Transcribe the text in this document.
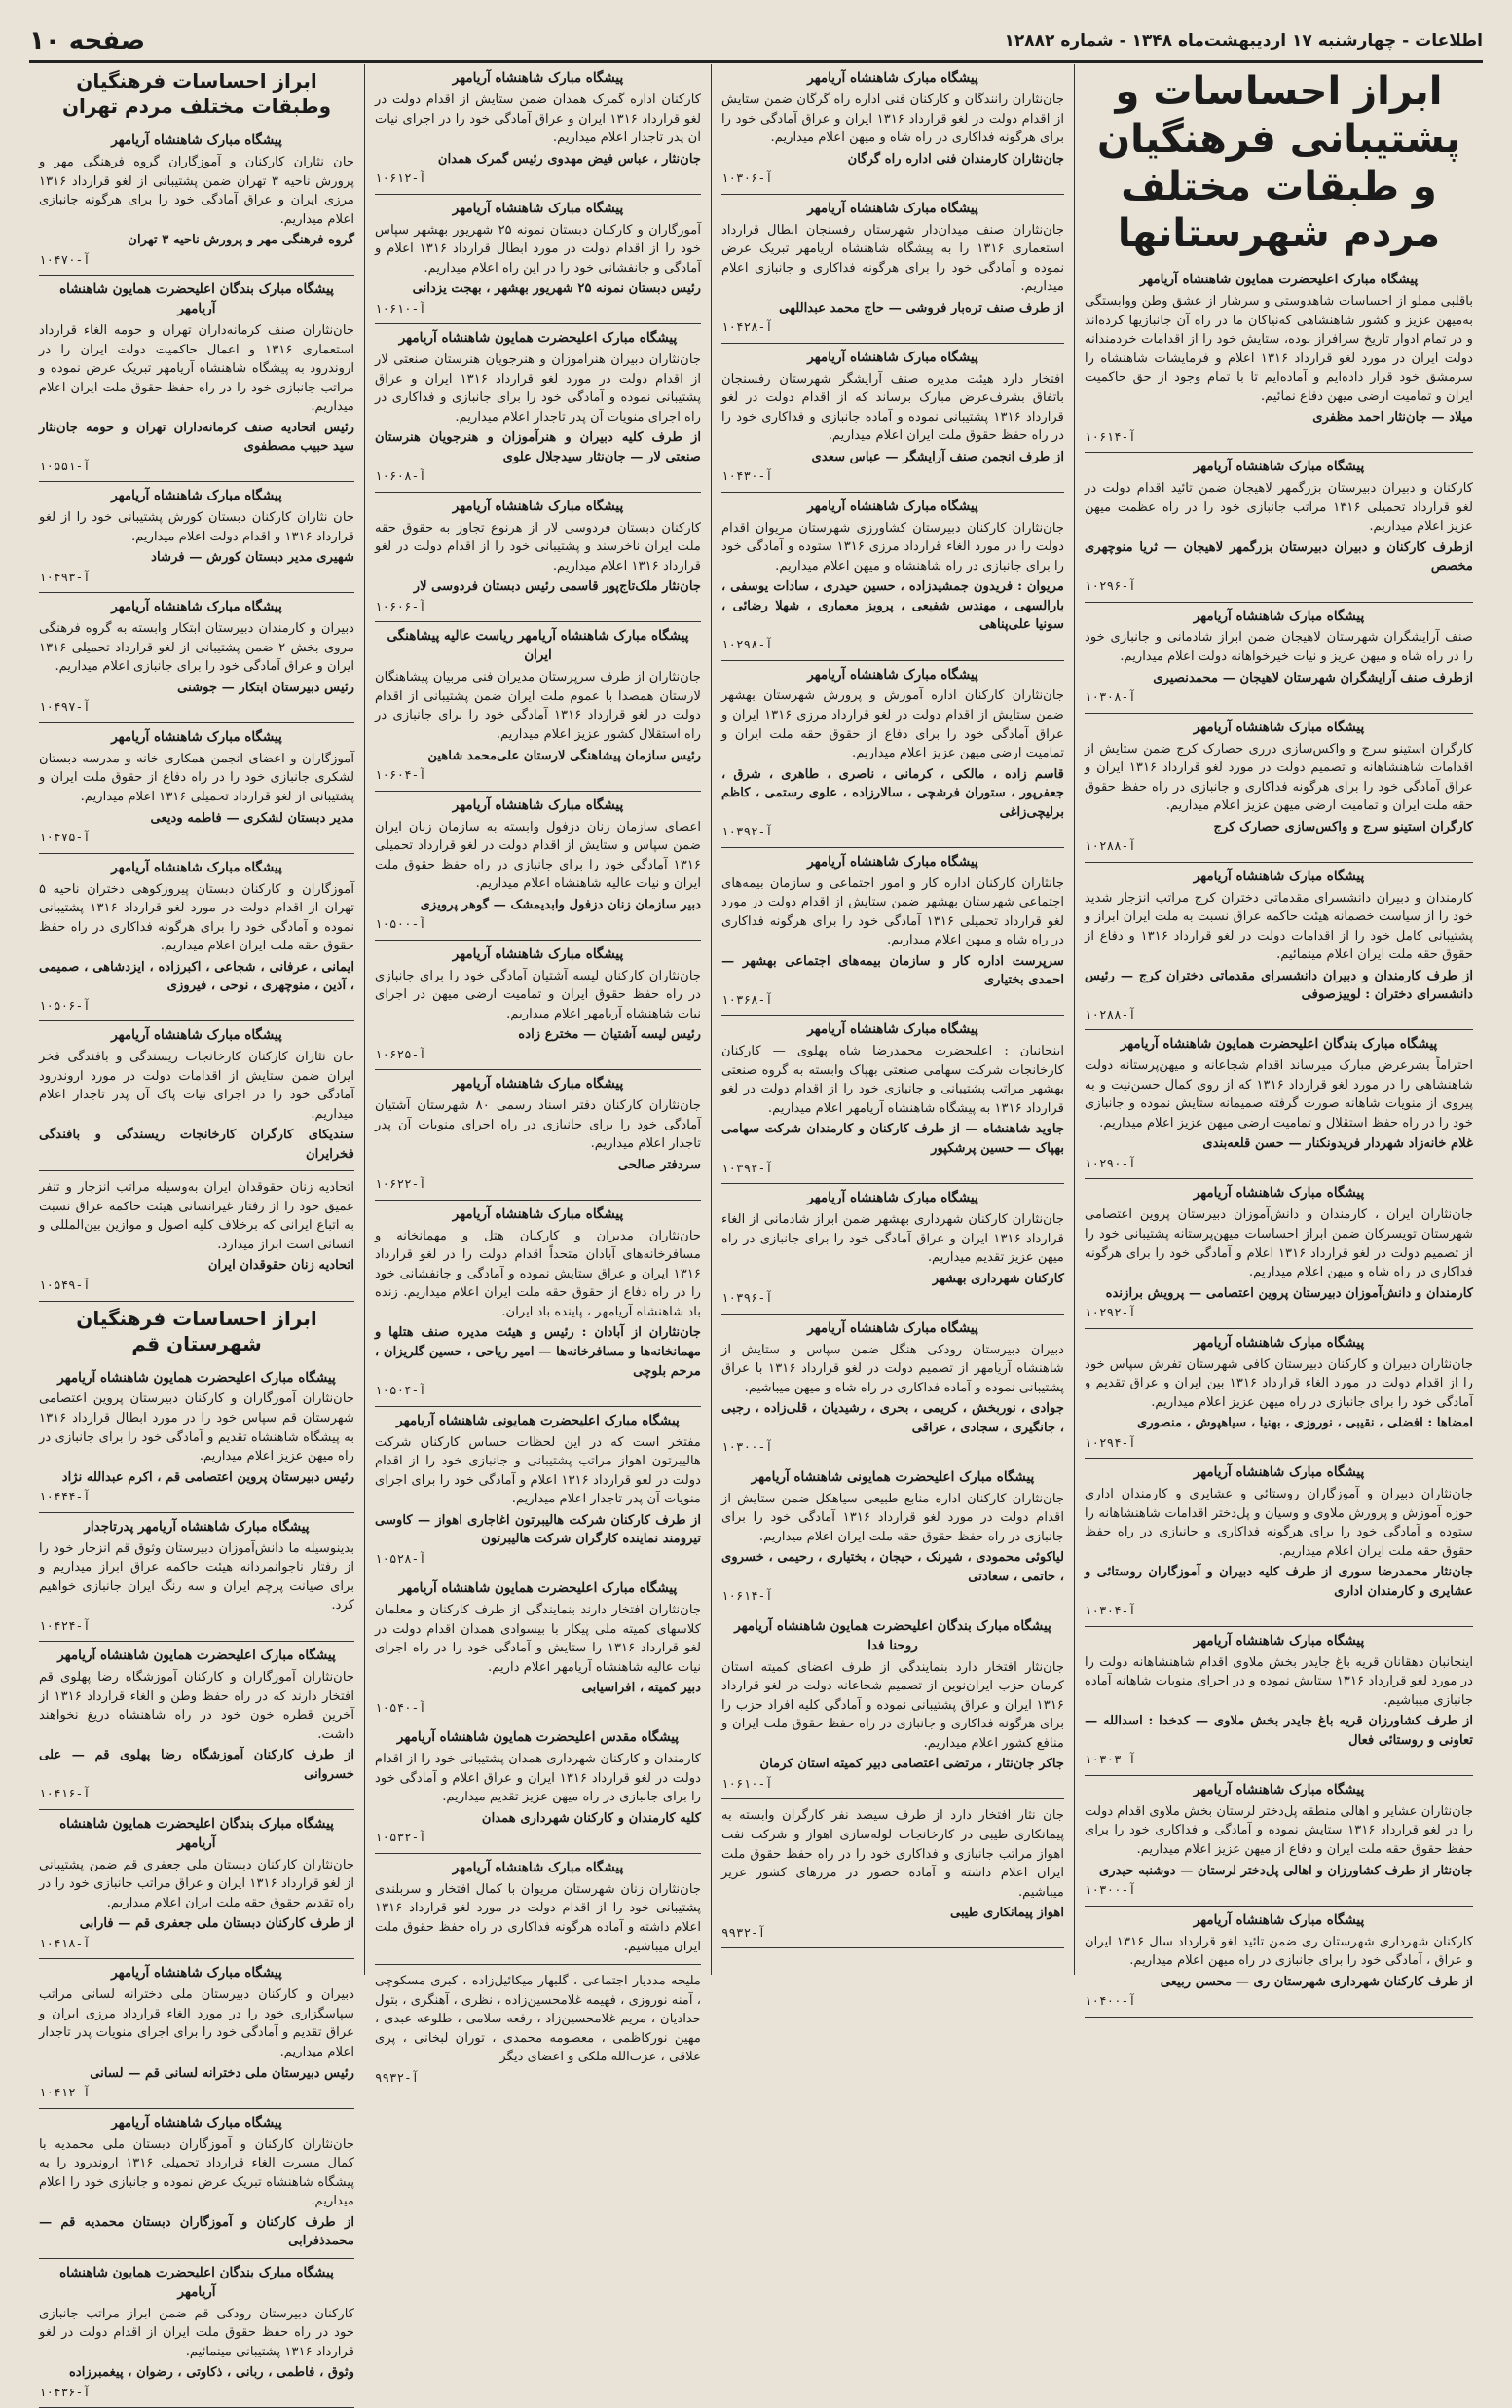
اطلاعات - چهارشنبه ۱۷ اردیبهشت‌ماه ۱۳۴۸ - شماره ۱۲۸۸۲
صفحه ۱۰
ابراز احساسات و پشتیبانی فرهنگیان و طبقات مختلف مردم شهرستانها
پیشگاه مبارک اعلیحضرت همایون شاهنشاه آریامهر
باقلبی مملو از احساسات شاهدوستی و سرشار از عشق وطن ووابستگی به‌میهن عزیز و کشور شاهنشاهی که‌نیاکان ما در راه آن جانبازیها کرده‌اند و در تمام ادوار تاریخ سرافراز بوده، ستایش خود را از اقدامات خردمندانه دولت ایران در مورد لغو قرارداد ۱۳۱۶ اعلام و فرمایشات شاهنشاه را سرمشق خود قرار داده‌ایم و آماده‌ایم تا با تمام وجود از حق حاکمیت ایران و تمامیت ارضی میهن دفاع نمائیم.
میلاد — جان‌نثار احمد مظفری
آ-۱۰۶۱۴
پیشگاه مبارک شاهنشاه آریامهر
کارکنان و دبیران دبیرستان بزرگمهر لاهیجان ضمن تائید اقدام دولت در لغو قرارداد تحمیلی ۱۳۱۶ مراتب جانبازی خود را در راه عظمت میهن عزیز اعلام میداریم.
ازطرف کارکنان و دبیران دبیرستان بزرگمهر لاهیجان — ثریا منوچهری مخصص
آ-۱۰۲۹۶
پیشگاه مبارک شاهنشاه آریامهر
صنف آرایشگران شهرستان لاهیجان ضمن ابراز شادمانی و جانبازی خود را در راه شاه و میهن عزیز و نیات خیرخواهانه دولت اعلام میداریم.
ازطرف صنف آرایشگران شهرستان لاهیجان — محمدنصیری
آ-۱۰۳۰۸
پیشگاه مبارک شاهنشاه آریامهر
کارگران استینو سرج و واکس‌سازی درری حصارک کرج ضمن ستایش از اقدامات شاهنشاهانه و تصمیم دولت در مورد لغو قرارداد ۱۳۱۶ ایران و عراق آمادگی خود را برای هرگونه فداکاری و جانبازی در راه حفظ حقوق حقه ملت ایران و تمامیت ارضی میهن عزیز اعلام میداریم.
کارگران استینو سرج و واکس‌سازی حصارک کرج
آ-۱۰۲۸۸
پیشگاه مبارک شاهنشاه آریامهر
کارمندان و دبیران دانشسرای مقدماتی دختران کرج مراتب انزجار شدید خود را از سیاست خصمانه هیئت حاکمه عراق نسبت به ملت ایران ابراز و پشتیبانی کامل خود را از اقدامات دولت در لغو قرارداد ۱۳۱۶ و دفاع از حقوق حقه ملت ایران اعلام مینمائیم.
از طرف کارمندان و دبیران دانشسرای مقدماتی دختران کرج — رئیس دانشسرای دختران : لوییزصوفی
آ-۱۰۲۸۸
پیشگاه مبارک بندگان اعلیحضرت همایون شاهنشاه آریامهر
احتراماً بشرعرض مبارک میرساند اقدام شجاعانه و میهن‌پرستانه دولت شاهنشاهی را در مورد لغو قرارداد ۱۳۱۶ که از روی کمال حسن‌نیت و به پیروی از منویات شاهانه صورت گرفته صمیمانه ستایش نموده و جانبازی خود را در راه حفظ استقلال و تمامیت ارضی میهن عزیز اعلام میداریم.
غلام خانه‌زاد شهردار فریدونکنار — حسن قلعه‌بندی
آ-۱۰۲۹۰
پیشگاه مبارک شاهنشاه آریامهر
جان‌نثاران ایران ، کارمندان و دانش‌آموزان دبیرستان پروین اعتصامی شهرستان تویسرکان ضمن ابراز احساسات میهن‌پرستانه پشتیبانی خود را از تصمیم دولت در لغو قرارداد ۱۳۱۶ اعلام و آمادگی خود را برای هرگونه فداکاری در راه شاه و میهن اعلام میداریم.
کارمندان و دانش‌آموزان دبیرستان پروین اعتصامی — پرویش برازنده
آ-۱۰۲۹۲
پیشگاه مبارک شاهنشاه آریامهر
جان‌نثاران دبیران و کارکنان دبیرستان کافی شهرستان تفرش سپاس خود را از اقدام دولت در مورد الغاء قرارداد ۱۳۱۶ بین ایران و عراق تقدیم و آمادگی خود را برای جانبازی در راه میهن عزیز اعلام میداریم.
امضاها : افضلی ، نقیبی ، نوروزی ، بهنیا ، سیاهپوش ، منصوری
آ-۱۰۲۹۴
پیشگاه مبارک شاهنشاه آریامهر
جان‌نثاران دبیران و آموزگاران روستائی و عشایری و کارمندان اداری حوزه آموزش و پرورش ملاوی و وسیان و پل‌دختر اقدامات شاهنشاهانه را ستوده و آمادگی خود را برای هرگونه فداکاری و جانبازی در راه حفظ حقوق حقه ملت ایران اعلام میداریم.
جان‌نثار محمدرضا سوری از طرف کلیه دبیران و آموزگاران روستائی و عشایری و کارمندان اداری
آ-۱۰۳۰۴
پیشگاه مبارک شاهنشاه آریامهر
اینجانبان دهقانان قریه باغ جایدر بخش ملاوی اقدام شاهنشاهانه دولت را در مورد لغو قرارداد ۱۳۱۶ ستایش نموده و در اجرای منویات شاهانه آماده جانبازی میباشیم.
از طرف کشاورزان قریه باغ جایدر بخش ملاوی — کدخدا : اسدالله — تعاونی و روستائی فعال
آ-۱۰۳۰۳
پیشگاه مبارک شاهنشاه آریامهر
جان‌نثاران عشایر و اهالی منطقه پل‌دختر لرستان بخش ملاوی اقدام دولت را در لغو قرارداد ۱۳۱۶ ستایش نموده و آمادگی و فداکاری خود را برای حفظ حقوق حقه ملت ایران و دفاع از میهن عزیز اعلام میداریم.
جان‌نثار از طرف کشاورزان و اهالی پل‌دختر لرستان — دوشنبه حیدری
آ-۱۰۳۰۰
پیشگاه مبارک شاهنشاه آریامهر
کارکنان شهرداری شهرستان ری ضمن تائید لغو قرارداد سال ۱۳۱۶ ایران و عراق ، آمادگی خود را برای جانبازی در راه میهن اعلام میداریم.
از طرف کارکنان شهرداری شهرستان ری — محسن ربیعی
آ-۱۰۴۰۰
پیشگاه مبارک شاهنشاه آریامهر
جان‌نثاران رانندگان و کارکنان فنی اداره راه گرگان ضمن ستایش از اقدام دولت در لغو قرارداد ۱۳۱۶ ایران و عراق آمادگی خود را برای هرگونه فداکاری در راه شاه و میهن اعلام میداریم.
جان‌نثاران کارمندان فنی اداره راه گرگان
آ-۱۰۳۰۶
پیشگاه مبارک شاهنشاه آریامهر
جان‌نثاران صنف میدان‌دار شهرستان رفسنجان ابطال قرارداد استعماری ۱۳۱۶ را به پیشگاه شاهنشاه آریامهر تبریک عرض نموده و آمادگی خود را برای هرگونه فداکاری و جانبازی اعلام میداریم.
از طرف صنف تره‌بار فروشی — حاج محمد عبداللهی
آ-۱۰۴۲۸
پیشگاه مبارک شاهنشاه آریامهر
افتخار دارد هیئت مدیره صنف آرایشگر شهرستان رفسنجان باتفاق بشرف‌عرض مبارک برساند که از اقدام دولت در لغو قرارداد ۱۳۱۶ پشتیبانی نموده و آماده جانبازی و فداکاری خود را در راه حفظ حقوق ملت ایران اعلام میداریم.
از طرف انجمن صنف آرایشگر — عباس سعدی
آ-۱۰۴۳۰
پیشگاه مبارک شاهنشاه آریامهر
جان‌نثاران کارکنان دبیرستان کشاورزی شهرستان مریوان اقدام دولت را در مورد الغاء قرارداد مرزی ۱۳۱۶ ستوده و آمادگی خود را برای جانبازی در راه شاهنشاه و میهن اعلام میداریم.
مریوان : فریدون جمشیدزاده ، حسین حیدری ، سادات یوسفی ، بارالسهی ، مهندس شفیعی ، پرویز معماری ، شهلا رضائی ، سونیا علی‌پناهی
آ-۱۰۲۹۸
پیشگاه مبارک شاهنشاه آریامهر
جان‌نثاران کارکنان اداره آموزش و پرورش شهرستان بهشهر ضمن ستایش از اقدام دولت در لغو قرارداد مرزی ۱۳۱۶ ایران و عراق آمادگی خود را برای دفاع از حقوق حقه ملت ایران و تمامیت ارضی میهن عزیز اعلام میداریم.
قاسم زاده ، مالکی ، کرمانی ، ناصری ، طاهری ، شرق ، جعفرپور ، ستوران فرشچی ، سالارزاده ، علوی رستمی ، کاظم برلیچی‌زاغی
آ-۱۰۳۹۲
پیشگاه مبارک شاهنشاه آریامهر
جانثاران کارکنان اداره کار و امور اجتماعی و سازمان بیمه‌های اجتماعی شهرستان بهشهر ضمن ستایش از اقدام دولت در مورد لغو قرارداد تحمیلی ۱۳۱۶ آمادگی خود را برای هرگونه فداکاری در راه شاه و میهن اعلام میداریم.
سرپرست اداره کار و سازمان بیمه‌های اجتماعی بهشهر — احمدی بختیاری
آ-۱۰۳۶۸
پیشگاه مبارک شاهنشاه آریامهر
اینجانبان : اعلیحضرت محمدرضا شاه پهلوی — کارکنان کارخانجات شرکت سهامی صنعتی بهپاک وابسته به گروه صنعتی بهشهر مراتب پشتیبانی و جانبازی خود را از اقدام دولت در لغو قرارداد ۱۳۱۶ به پیشگاه شاهنشاه آریامهر اعلام میداریم.
جاوید شاهنشاه — از طرف کارکنان و کارمندان شرکت سهامی بهپاک — حسین پرشکپور
آ-۱۰۳۹۴
پیشگاه مبارک شاهنشاه آریامهر
جان‌نثاران کارکنان شهرداری بهشهر ضمن ابراز شادمانی از الغاء قرارداد ۱۳۱۶ ایران و عراق آمادگی خود را برای جانبازی در راه میهن عزیز تقدیم میداریم.
کارکنان شهرداری بهشهر
آ-۱۰۳۹۶
پیشگاه مبارک شاهنشاه آریامهر
دبیران دبیرستان رودکی هنگل ضمن سپاس و ستایش از شاهنشاه آریامهر از تصمیم دولت در لغو قرارداد ۱۳۱۶ با عراق پشتیبانی نموده و آماده فداکاری در راه شاه و میهن میباشیم.
جوادی ، نوربخش ، کریمی ، بحری ، رشیدیان ، قلی‌زاده ، رجبی ، جانگیری ، سجادی ، عراقی
آ-۱۰۳۰۰
پیشگاه مبارک اعلیحضرت همایونی شاهنشاه آریامهر
جان‌نثاران کارکنان اداره منابع طبیعی سیاهکل ضمن ستایش از اقدام دولت در مورد لغو قرارداد ۱۳۱۶ آمادگی خود را برای جانبازی در راه حفظ حقوق حقه ملت ایران اعلام میداریم.
لیاکوئی محمودی ، شیرنک ، حیجان ، بختیاری ، رحیمی ، خسروی ، حاتمی ، سعادتی
آ-۱۰۶۱۴
پیشگاه مبارک بندگان اعلیحضرت همایون شاهنشاه آریامهر روحنا فدا
جان‌نثار افتخار دارد بنمایندگی از طرف اعضای کمیته استان کرمان حزب ایران‌نوین از تصمیم شجاعانه دولت در لغو قرارداد ۱۳۱۶ ایران و عراق پشتیبانی نموده و آمادگی کلیه افراد حزب را برای هرگونه فداکاری و جانبازی در راه حفظ حقوق ملت ایران و منافع کشور اعلام میداریم.
جاکر جان‌نثار ، مرتضی اعتصامی دبیر کمیته استان کرمان
آ-۱۰۶۱۰
جان نثار افتخار دارد از طرف سیصد نفر کارگران وابسته به پیمانکاری طیبی در کارخانجات لوله‌سازی اهواز و شرکت نفت اهواز مراتب جانبازی و فداکاری خود را در راه حفظ حقوق ملت ایران اعلام داشته و آماده حضور در مرزهای کشور عزیز میباشیم.
اهواز پیمانکاری طیبی
آ-۹۹۳۲
پیشگاه مبارک شاهنشاه آریامهر
کارکنان اداره گمرک همدان ضمن ستایش از اقدام دولت در لغو قرارداد ۱۳۱۶ ایران و عراق آمادگی خود را در اجرای نیات آن پدر تاجدار اعلام میداریم.
جان‌نثار ، عباس فیض مهدوی رئیس گمرک همدان
آ-۱۰۶۱۲
پیشگاه مبارک شاهنشاه آریامهر
آموزگاران و کارکنان دبستان نمونه ۲۵ شهریور بهشهر سپاس خود را از اقدام دولت در مورد ابطال قرارداد ۱۳۱۶ اعلام و آمادگی و جانفشانی خود را در این راه اعلام میداریم.
رئیس دبستان نمونه ۲۵ شهریور بهشهر ، بهجت یزدانی
آ-۱۰۶۱۰
پیشگاه مبارک اعلیحضرت همایون شاهنشاه آریامهر
جان‌نثاران دبیران هنرآموزان و هنرجویان هنرستان صنعتی لار از اقدام دولت در مورد لغو قرارداد ۱۳۱۶ ایران و عراق پشتیبانی نموده و آمادگی خود را برای جانبازی و فداکاری در راه اجرای منویات آن پدر تاجدار اعلام میداریم.
از طرف کلیه دبیران و هنرآموزان و هنرجویان هنرستان صنعتی لار — جان‌نثار سیدجلال علوی
آ-۱۰۶۰۸
پیشگاه مبارک شاهنشاه آریامهر
کارکنان دبستان فردوسی لار از هرنوع تجاوز به حقوق حقه ملت ایران ناخرسند و پشتیبانی خود را از اقدام دولت در لغو قرارداد ۱۳۱۶ اعلام میداریم.
جان‌نثار ملک‌تاج‌پور قاسمی رئیس دبستان فردوسی لار
آ-۱۰۶۰۶
پیشگاه مبارک شاهنشاه آریامهر ریاست عالیه پیشاهنگی ایران
جان‌نثاران از طرف سرپرستان مدیران فنی مربیان پیشاهنگان لارستان همصدا با عموم ملت ایران ضمن پشتیبانی از اقدام دولت در لغو قرارداد ۱۳۱۶ آمادگی خود را برای جانبازی در راه استقلال کشور عزیز اعلام میداریم.
رئیس سازمان پیشاهنگی لارستان علی‌محمد شاهین
آ-۱۰۶۰۴
پیشگاه مبارک شاهنشاه آریامهر
اعضای سازمان زنان دزفول وابسته به سازمان زنان ایران ضمن سپاس و ستایش از اقدام دولت در لغو قرارداد تحمیلی ۱۳۱۶ آمادگی خود را برای جانبازی در راه حفظ حقوق ملت ایران و نیات عالیه شاهنشاه اعلام میداریم.
دبیر سازمان زنان دزفول وابدیمشک — گوهر پرویزی
آ-۱۰۵۰۰
پیشگاه مبارک شاهنشاه آریامهر
جان‌نثاران کارکنان لیسه آشتیان آمادگی خود را برای جانبازی در راه حفظ حقوق ایران و تمامیت ارضی میهن در اجرای نیات شاهنشاه آریامهر اعلام میداریم.
رئیس لیسه آشتیان — مخترع زاده
آ-۱۰۶۲۵
پیشگاه مبارک شاهنشاه آریامهر
جان‌نثاران کارکنان دفتر اسناد رسمی ۸۰ شهرستان آشتیان آمادگی خود را برای جانبازی در راه اجرای منویات آن پدر تاجدار اعلام میداریم.
سردفتر صالحی
آ-۱۰۶۲۲
پیشگاه مبارک شاهنشاه آریامهر
جان‌نثاران مدیران و کارکنان هتل و مهمانخانه و مسافرخانه‌های آبادان متحداً اقدام دولت را در لغو قرارداد ۱۳۱۶ ایران و عراق ستایش نموده و آمادگی و جانفشانی خود را در راه دفاع از حقوق حقه ملت ایران اعلام میداریم. زنده باد شاهنشاه آریامهر ، پاینده باد ایران.
جان‌نثاران از آبادان : رئیس و هیئت مدیره صنف هتلها و مهمانخانه‌ها و مسافرخانه‌ها — امیر ریاحی ، حسین گلریزان ، مرحم بلوچی
آ-۱۰۵۰۴
پیشگاه مبارک اعلیحضرت همایونی شاهنشاه آریامهر
مفتخر است که در این لحظات حساس کارکنان شرکت هالیبرتون اهواز مراتب پشتیبانی و جانبازی خود را از اقدام دولت در لغو قرارداد ۱۳۱۶ اعلام و آمادگی خود را برای اجرای منویات آن پدر تاجدار اعلام میداریم.
از طرف کارکنان شرکت هالیبرتون اغاجاری اهواز — کاوسی تیرومند نماینده کارگران شرکت هالیبرتون
آ-۱۰۵۲۸
پیشگاه مبارک اعلیحضرت همایون شاهنشاه آریامهر
جان‌نثاران افتخار دارند بنمایندگی از طرف کارکنان و معلمان کلاسهای کمیته ملی پیکار با بیسوادی همدان اقدام دولت در لغو قرارداد ۱۳۱۶ را ستایش و آمادگی خود را در راه اجرای نیات عالیه شاهنشاه آریامهر اعلام داریم.
دبیر کمیته ، افراسیابی
آ-۱۰۵۴۰
پیشگاه مقدس اعلیحضرت همایون شاهنشاه آریامهر
کارمندان و کارکنان شهرداری همدان پشتیبانی خود را از اقدام دولت در لغو قرارداد ۱۳۱۶ ایران و عراق اعلام و آمادگی خود را برای جانبازی در راه میهن عزیز تقدیم میداریم.
کلیه کارمندان و کارکنان شهرداری همدان
آ-۱۰۵۳۲
پیشگاه مبارک شاهنشاه آریامهر
جان‌نثاران زنان شهرستان مریوان با کمال افتخار و سربلندی پشتیبانی خود را از اقدام دولت در مورد لغو قرارداد ۱۳۱۶ اعلام داشته و آماده هرگونه فداکاری در راه حفظ حقوق ملت ایران میباشیم.
ملیحه مددیار اجتماعی ، گلبهار میکائیل‌زاده ، کبری مسکوچی ، آمنه نوروزی ، فهیمه غلامحسین‌زاده ، نظری ، آهنگری ، بتول حدادیان ، مریم غلامحسین‌زاد ، رفعه سلامی ، طلوعه عبدی ، مهین نورکاظمی ، معصومه محمدی ، توران لبخانی ، پری علاقی ، عزت‌الله ملکی و اعضای دیگر
آ-۹۹۳۲
ابراز احساسات فرهنگیان وطبقات مختلف مردم تهران
پیشگاه مبارک شاهنشاه آریامهر
جان نثاران کارکنان و آموزگاران گروه فرهنگی مهر و پرورش ناحیه ۳ تهران ضمن پشتیبانی از لغو قرارداد ۱۳۱۶ مرزی ایران و عراق آمادگی خود را برای هرگونه جانبازی اعلام میداریم.
گروه فرهنگی مهر و پرورش ناحیه ۳ تهران
آ-۱۰۴۷۰
پیشگاه مبارک بندگان اعلیحضرت همایون شاهنشاه آریامهر
جان‌نثاران صنف کرمانه‌داران تهران و حومه الغاء قرارداد استعماری ۱۳۱۶ و اعمال حاکمیت دولت ایران را در اروندرود به پیشگاه شاهنشاه آریامهر تبریک عرض نموده و مراتب جانبازی خود را در راه حفظ حقوق ملت ایران اعلام میداریم.
رئیس اتحادیه صنف کرمانه‌داران تهران و حومه جان‌نثار سید حبیب مصطفوی
آ-۱۰۵۵۱
پیشگاه مبارک شاهنشاه آریامهر
جان نثاران کارکنان دبستان کورش پشتیبانی خود را از لغو قرارداد ۱۳۱۶ و اقدام دولت اعلام میداریم.
شهیری مدیر دبستان کورش — فرشاد
آ-۱۰۴۹۳
پیشگاه مبارک شاهنشاه آریامهر
دبیران و کارمندان دبیرستان ابتکار وابسته به گروه فرهنگی مروی بخش ۲ ضمن پشتیبانی از لغو قرارداد تحمیلی ۱۳۱۶ ایران و عراق آمادگی خود را برای جانبازی اعلام میداریم.
رئیس دبیرستان ابتکار — جوشنی
آ-۱۰۴۹۷
پیشگاه مبارک شاهنشاه آریامهر
آموزگاران و اعضای انجمن همکاری خانه و مدرسه دبستان لشکری جانبازی خود را در راه دفاع از حقوق ملت ایران و پشتیبانی از لغو قرارداد تحمیلی ۱۳۱۶ اعلام میداریم.
مدیر دبستان لشکری — فاطمه ودیعی
آ-۱۰۴۷۵
پیشگاه مبارک شاهنشاه آریامهر
آموزگاران و کارکنان دبستان پیروزکوهی دختران ناحیه ۵ تهران از اقدام دولت در مورد لغو قرارداد ۱۳۱۶ پشتیبانی نموده و آمادگی خود را برای هرگونه فداکاری در راه حفظ حقوق حقه ملت ایران اعلام میداریم.
ایمانی ، عرفانی ، شجاعی ، اکبرزاده ، ایزدشاهی ، صمیمی ، آذین ، منوچهری ، نوحی ، فیروزی
آ-۱۰۵۰۶
پیشگاه مبارک شاهنشاه آریامهر
جان نثاران کارکنان کارخانجات ریسندگی و بافندگی فخر ایران ضمن ستایش از اقدامات دولت در مورد اروندرود آمادگی خود را در اجرای نیات پاک آن پدر تاجدار اعلام میداریم.
سندیکای کارگران کارخانجات ریسندگی و بافندگی فخرایران
اتحادیه زنان حقوقدان ایران به‌وسیله مراتب انزجار و تنفر عمیق خود را از رفتار غیرانسانی هیئت حاکمه عراق نسبت به اتباع ایرانی که برخلاف کلیه اصول و موازین بین‌المللی و انسانی است ابراز میدارد.
اتحادیه زنان حقوقدان ایران
آ-۱۰۵۴۹
ابراز احساسات فرهنگیان شهرستان قم
پیشگاه مبارک اعلیحضرت همایون شاهنشاه آریامهر
جان‌نثاران آموزگاران و کارکنان دبیرستان پروین اعتصامی شهرستان قم سپاس خود را در مورد ابطال قرارداد ۱۳۱۶ به پیشگاه شاهنشاه تقدیم و آمادگی خود را برای جانبازی در راه میهن عزیز اعلام میداریم.
رئیس دبیرستان پروین اعتصامی قم ، اکرم عبدالله نژاد
آ-۱۰۴۴۴
پیشگاه مبارک شاهنشاه آریامهر پدرتاجدار
بدینوسیله ما دانش‌آموزان دبیرستان وثوق قم انزجار خود را از رفتار ناجوانمردانه هیئت حاکمه عراق ابراز میداریم و برای صیانت پرچم ایران و سه رنگ ایران جانبازی خواهیم کرد.
آ-۱۰۴۲۴
پیشگاه مبارک اعلیحضرت همایون شاهنشاه آریامهر
جان‌نثاران آموزگاران و کارکنان آموزشگاه رضا پهلوی قم افتخار دارند که در راه حفظ وطن و الغاء قرارداد ۱۳۱۶ از آخرین قطره خون خود در راه شاهنشاه دریغ نخواهند داشت.
از طرف کارکنان آموزشگاه رضا پهلوی قم — علی خسروانی
آ-۱۰۴۱۶
پیشگاه مبارک بندگان اعلیحضرت همایون شاهنشاه آریامهر
جان‌نثاران کارکنان دبستان ملی جعفری قم ضمن پشتیبانی از لغو قرارداد ۱۳۱۶ ایران و عراق مراتب جانبازی خود را در راه تقدیم حقوق حقه ملت ایران اعلام میداریم.
از طرف کارکنان دبستان ملی جعفری قم — فارابی
آ-۱۰۴۱۸
پیشگاه مبارک شاهنشاه آریامهر
دبیران و کارکنان دبیرستان ملی دخترانه لسانی مراتب سپاسگزاری خود را در مورد الغاء قرارداد مرزی ایران و عراق تقدیم و آمادگی خود را برای اجرای منویات پدر تاجدار اعلام میداریم.
رئیس دبیرستان ملی دخترانه لسانی قم — لسانی
آ-۱۰۴۱۲
پیشگاه مبارک شاهنشاه آریامهر
جان‌نثاران کارکنان و آموزگاران دبستان ملی محمدیه با کمال مسرت الغاء قرارداد تحمیلی ۱۳۱۶ اروندرود را به پیشگاه شاهنشاه تبریک عرض نموده و جانبازی خود را اعلام میداریم.
از طرف کارکنان و آموزگاران دبستان محمدیه قم — محمدذفرابی
پیشگاه مبارک بندگان اعلیحضرت همایون شاهنشاه آریامهر
کارکنان دبیرستان رودکی قم ضمن ابراز مراتب جانبازی خود در راه حفظ حقوق ملت ایران از اقدام دولت در لغو قرارداد ۱۳۱۶ پشتیبانی مینمائیم.
وثوق ، فاطمی ، ربانی ، ذکاوتی ، رضوان ، پیغمبرزاده
آ-۱۰۴۳۶
